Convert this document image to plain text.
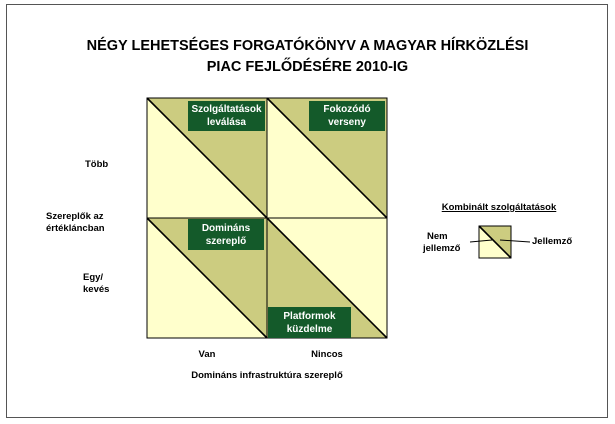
NÉGY LEHETSÉGES FORGATÓKÖNYV A MAGYAR HÍRKÖZLÉSI
PIAC FEJLŐDÉSÉRE 2010-IG
Szolgáltatások
leválása
Fokozódó
verseny
Domináns
szereplő
Platformok
küzdelme
Több
Szereplők az
értékláncban
Egy/
kevés
Van	Nincos
Domináns infrastruktúra szereplő
Kombinált szolgáltatások
Nem
jellemző
Jellemző
